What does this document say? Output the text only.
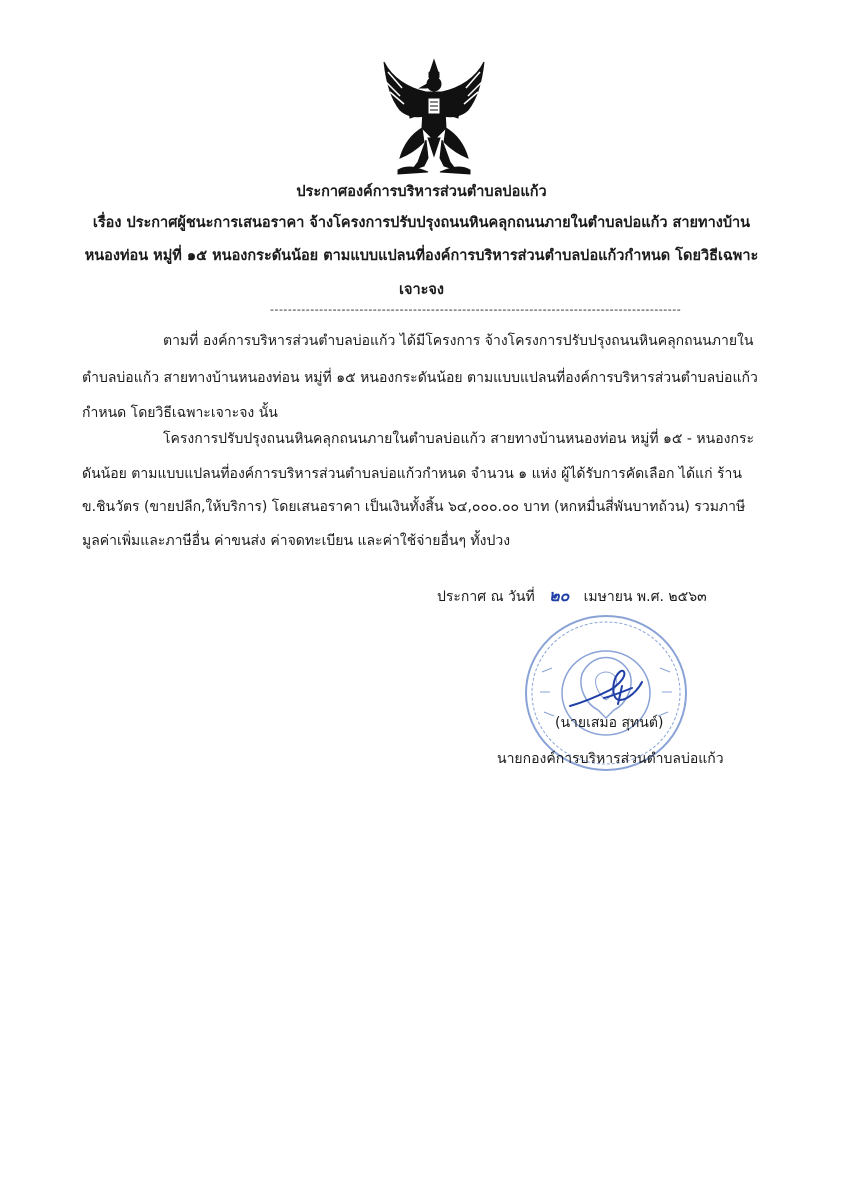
ประกาศองค์การบริหารส่วนตำบลบ่อแก้ว
เรื่อง ประกาศผู้ชนะการเสนอราคา จ้างโครงการปรับปรุงถนนหินคลุกถนนภายในตำบลบ่อแก้ว สายทางบ้าน
หนองท่อน หมู่ที่ ๑๕ หนองกระดันน้อย ตามแบบแปลนที่องค์การบริหารส่วนตำบลบ่อแก้วกำหนด โดยวิธีเฉพาะ
เจาะจง
--------------------------------------------------------------------------------------------
ตามที่ องค์การบริหารส่วนตำบลบ่อแก้ว ได้มีโครงการ จ้างโครงการปรับปรุงถนนหินคลุกถนนภายใน
ตำบลบ่อแก้ว สายทางบ้านหนองท่อน หมู่ที่ ๑๕ หนองกระดันน้อย ตามแบบแปลนที่องค์การบริหารส่วนตำบลบ่อแก้ว
กำหนด โดยวิธีเฉพาะเจาะจง นั้น
โครงการปรับปรุงถนนหินคลุกถนนภายในตำบลบ่อแก้ว สายทางบ้านหนองท่อน หมู่ที่ ๑๕ - หนองกระ
ดันน้อย ตามแบบแปลนที่องค์การบริหารส่วนตำบลบ่อแก้วกำหนด จำนวน ๑ แห่ง ผู้ได้รับการคัดเลือก ได้แก่ ร้าน
ข.ชินวัตร (ขายปลีก,ให้บริการ) โดยเสนอราคา เป็นเงินทั้งสิ้น ๖๔,๐๐๐.๐๐ บาท (หกหมื่นสี่พันบาทถ้วน) รวมภาษี
มูลค่าเพิ่มและภาษีอื่น ค่าขนส่ง ค่าจดทะเบียน และค่าใช้จ่ายอื่นๆ ทั้งปวง
ประกาศ ณ วันที่ ๒๐ เมษายน พ.ศ. ๒๕๖๓
(นายเสมอ สุทนต์)
นายกองค์การบริหารส่วนตำบลบ่อแก้ว
